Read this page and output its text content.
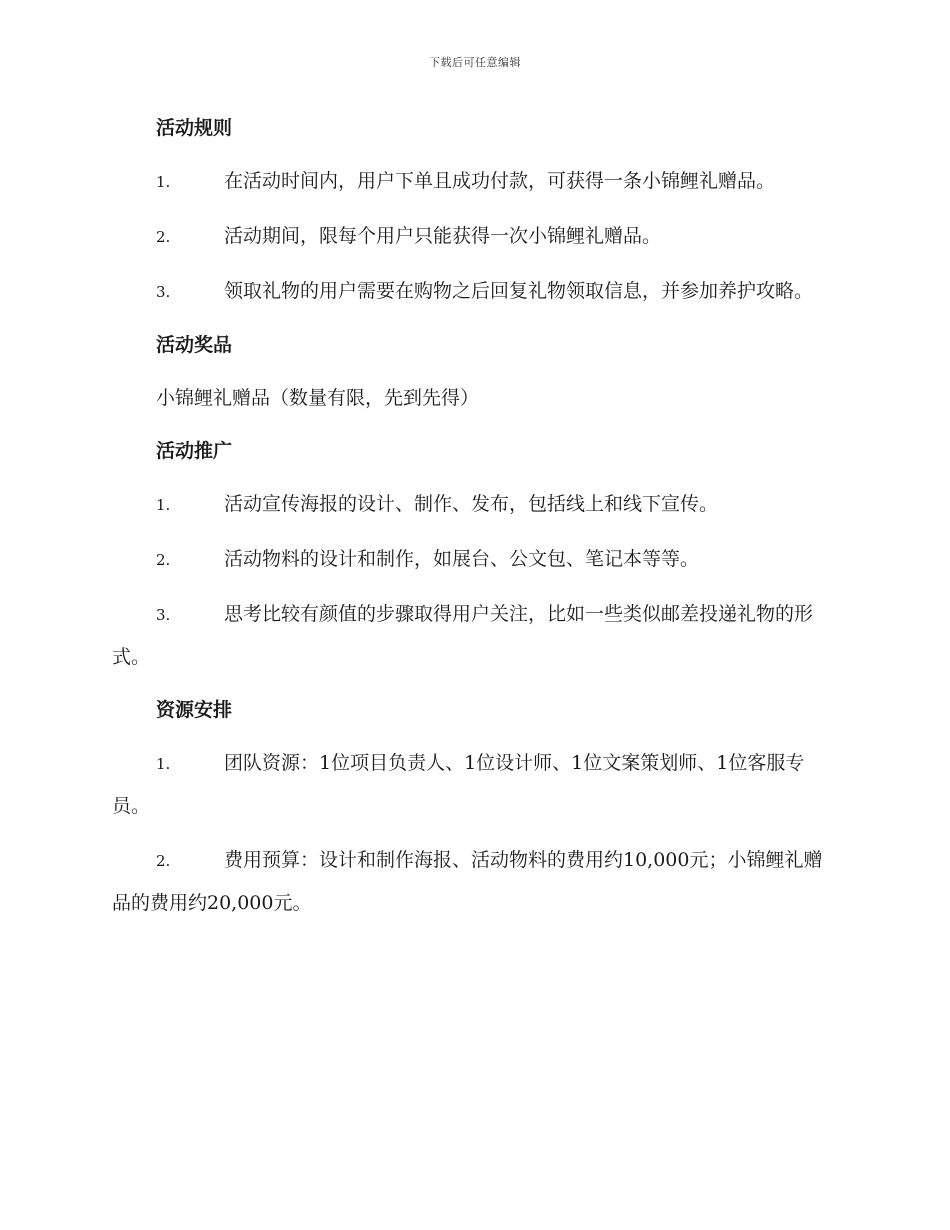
下载后可任意编辑
活动规则
1.	在活动时间内，用户下单且成功付款，可获得一条小锦鲤礼赠品。
2.	活动期间，限每个用户只能获得一次小锦鲤礼赠品。
3.	领取礼物的用户需要在购物之后回复礼物领取信息，并参加养护攻略。
活动奖品
小锦鲤礼赠品（数量有限，先到先得）
活动推广
1.	活动宣传海报的设计、制作、发布，包括线上和线下宣传。
2.	活动物料的设计和制作，如展台、公文包、笔记本等等。
3.	思考比较有颜值的步骤取得用户关注，比如一些类似邮差投递礼物的形式。
资源安排
1.	团队资源：1位项目负责人、1位设计师、1位文案策划师、1位客服专员。
2.	费用预算：设计和制作海报、活动物料的费用约10,000元；小锦鲤礼赠品的费用约20,000元。
